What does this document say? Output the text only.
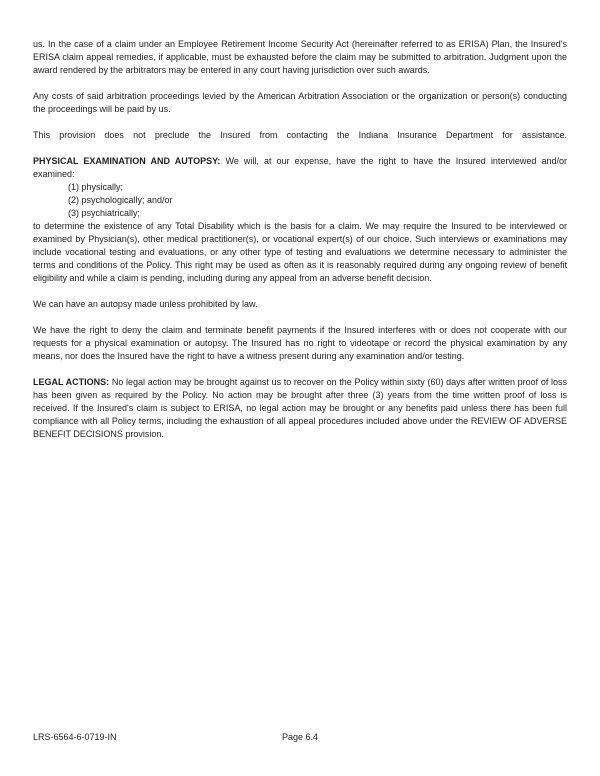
us. In the case of a claim under an Employee Retirement Income Security Act (hereinafter referred to as ERISA) Plan, the Insured's ERISA claim appeal remedies, if applicable, must be exhausted before the claim may be submitted to arbitration. Judgment upon the award rendered by the arbitrators may be entered in any court having jurisdiction over such awards.

Any costs of said arbitration proceedings levied by the American Arbitration Association or the organization or person(s) conducting the proceedings will be paid by us.

This provision does not preclude the Insured from contacting the Indiana Insurance Department for assistance.

PHYSICAL EXAMINATION AND AUTOPSY: We will, at our expense, have the right to have the Insured interviewed and/or examined:

(1) physically;
(2) psychologically; and/or
(3) psychiatrically;

to determine the existence of any Total Disability which is the basis for a claim. We may require the Insured to be interviewed or examined by Physician(s), other medical practitioner(s), or vocational expert(s) of our choice. Such interviews or examinations may include vocational testing and evaluations, or any other type of testing and evaluations we determine necessary to administer the terms and conditions of the Policy. This right may be used as often as it is reasonably required during any ongoing review of benefit eligibility and while a claim is pending, including during any appeal from an adverse benefit decision.

We can have an autopsy made unless prohibited by law.

We have the right to deny the claim and terminate benefit payments if the Insured interferes with or does not cooperate with our requests for a physical examination or autopsy. The Insured has no right to videotape or record the physical examination by any means, nor does the Insured have the right to have a witness present during any examination and/or testing.

LEGAL ACTIONS: No legal action may be brought against us to recover on the Policy within sixty (60) days after written proof of loss has been given as required by the Policy. No action may be brought after three (3) years from the time written proof of loss is received. If the Insured's claim is subject to ERISA, no legal action may be brought or any benefits paid unless there has been full compliance with all Policy terms, including the exhaustion of all appeal procedures included above under the REVIEW OF ADVERSE BENEFIT DECISIONS provision.

LRS-6564-6-0719-IN	Page 6.4
